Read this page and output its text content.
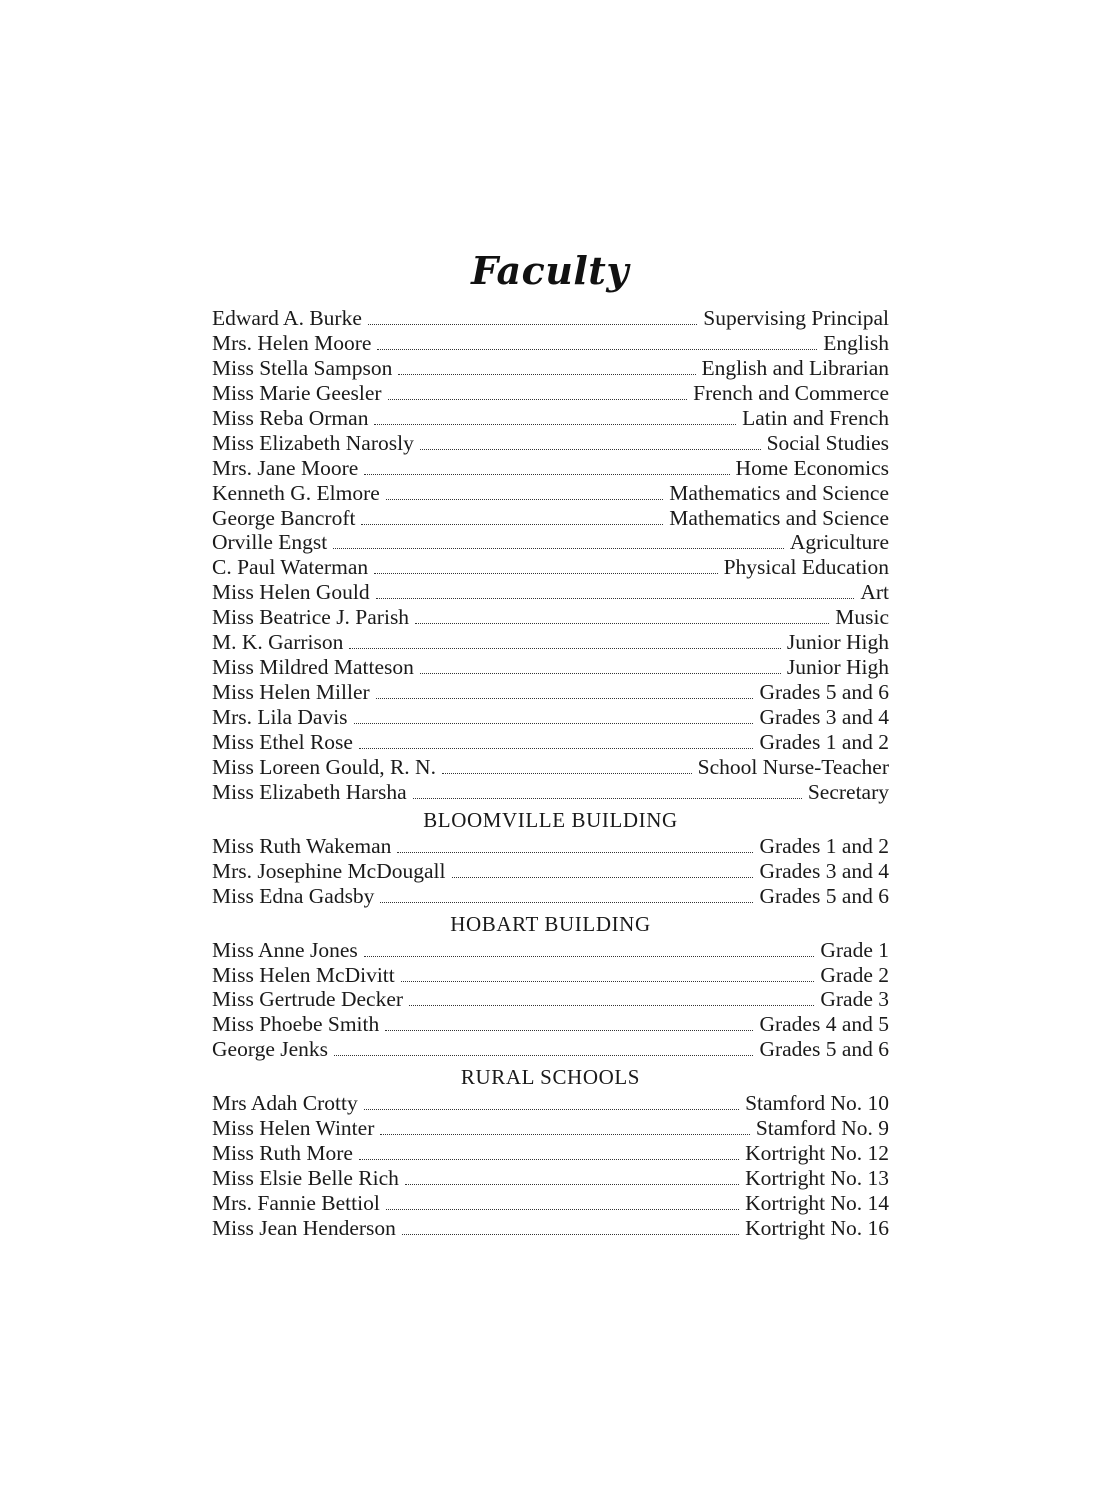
Faculty
Edward A. Burke	Supervising Principal
Mrs. Helen Moore	English
Miss Stella Sampson	English and Librarian
Miss Marie Geesler	French and Commerce
Miss Reba Orman	Latin and French
Miss Elizabeth Narosly	Social Studies
Mrs. Jane Moore	Home Economics
Kenneth G. Elmore	Mathematics and Science
George Bancroft	Mathematics and Science
Orville Engst	Agriculture
C. Paul Waterman	Physical Education
Miss Helen Gould	Art
Miss Beatrice J. Parish	Music
M. K. Garrison	Junior High
Miss Mildred Matteson	Junior High
Miss Helen Miller	Grades 5 and 6
Mrs. Lila Davis	Grades 3 and 4
Miss Ethel Rose	Grades 1 and 2
Miss Loreen Gould, R. N.	School Nurse-Teacher
Miss Elizabeth Harsha	Secretary
BLOOMVILLE BUILDING
Miss Ruth Wakeman	Grades 1 and 2
Mrs. Josephine McDougall	Grades 3 and 4
Miss Edna Gadsby	Grades 5 and 6
HOBART BUILDING
Miss Anne Jones	Grade 1
Miss Helen McDivitt	Grade 2
Miss Gertrude Decker	Grade 3
Miss Phoebe Smith	Grades 4 and 5
George Jenks	Grades 5 and 6
RURAL SCHOOLS
Mrs Adah Crotty	Stamford No. 10
Miss Helen Winter	Stamford No. 9
Miss Ruth More	Kortright No. 12
Miss Elsie Belle Rich	Kortright No. 13
Mrs. Fannie Bettiol	Kortright No. 14
Miss Jean Henderson	Kortright No. 16
